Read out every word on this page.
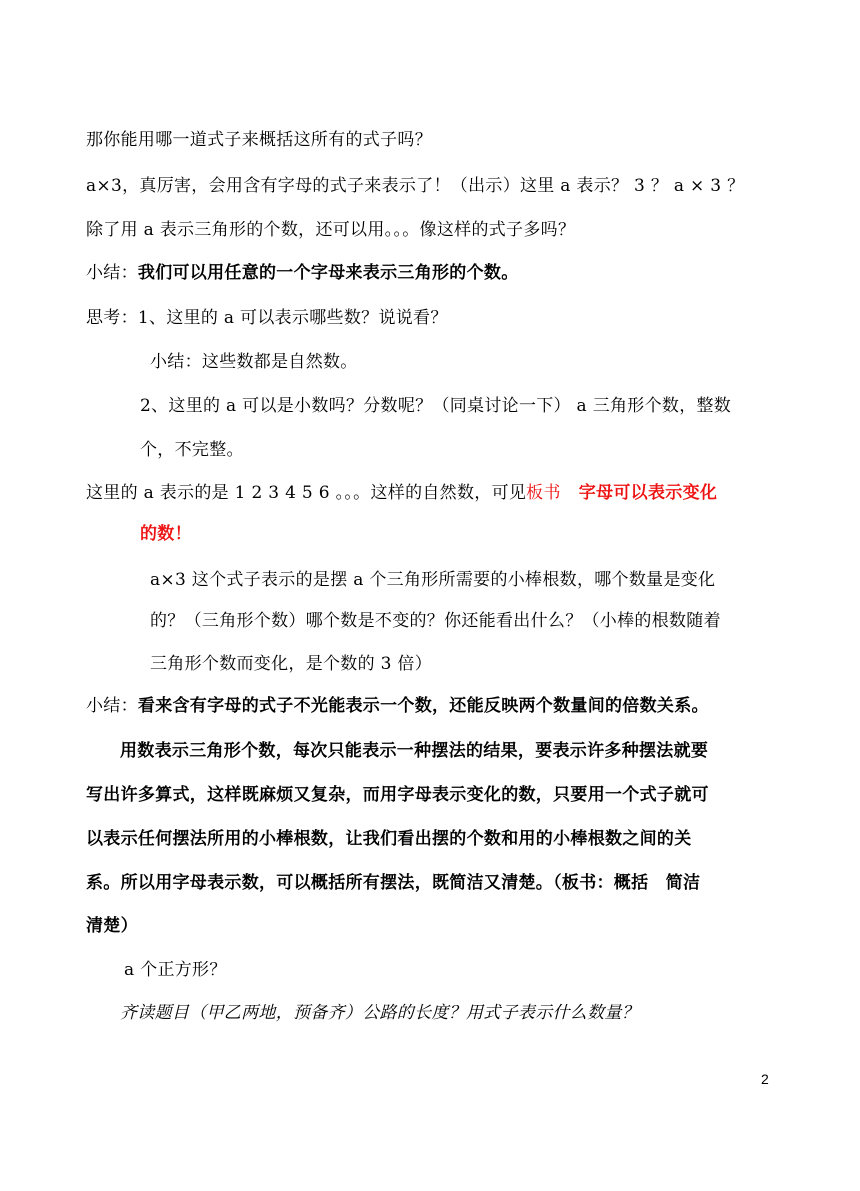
那你能用哪一道式子来概括这所有的式子吗？
a×3，真厉害，会用含有字母的式子来表示了！（出示）这里 a 表示？ 3 ？ a × 3 ？
除了用 a 表示三角形的个数，还可以用。。。像这样的式子多吗？
小结：我们可以用任意的一个字母来表示三角形的个数。
思考：1、这里的 a 可以表示哪些数？说说看？
小结：这些数都是自然数。
2、这里的 a 可以是小数吗？分数呢？（同桌讨论一下） a 三角形个数，整数
个，不完整。
这里的 a 表示的是 1 2 3 4 5 6 。。。这样的自然数，可见板书 字母可以表示变化
的数！
a×3 这个式子表示的是摆 a 个三角形所需要的小棒根数，哪个数量是变化
的？（三角形个数）哪个数是不变的？你还能看出什么？（小棒的根数随着
三角形个数而变化，是个数的 3 倍）
小结：看来含有字母的式子不光能表示一个数，还能反映两个数量间的倍数关系。
用数表示三角形个数，每次只能表示一种摆法的结果，要表示许多种摆法就要
写出许多算式，这样既麻烦又复杂，而用字母表示变化的数，只要用一个式子就可
以表示任何摆法所用的小棒根数，让我们看出摆的个数和用的小棒根数之间的关
系。所以用字母表示数，可以概括所有摆法，既简洁又清楚。（板书：概括　简洁
清楚）
a 个正方形？
齐读题目（甲乙两地，预备齐）公路的长度？用式子表示什么数量？
2
